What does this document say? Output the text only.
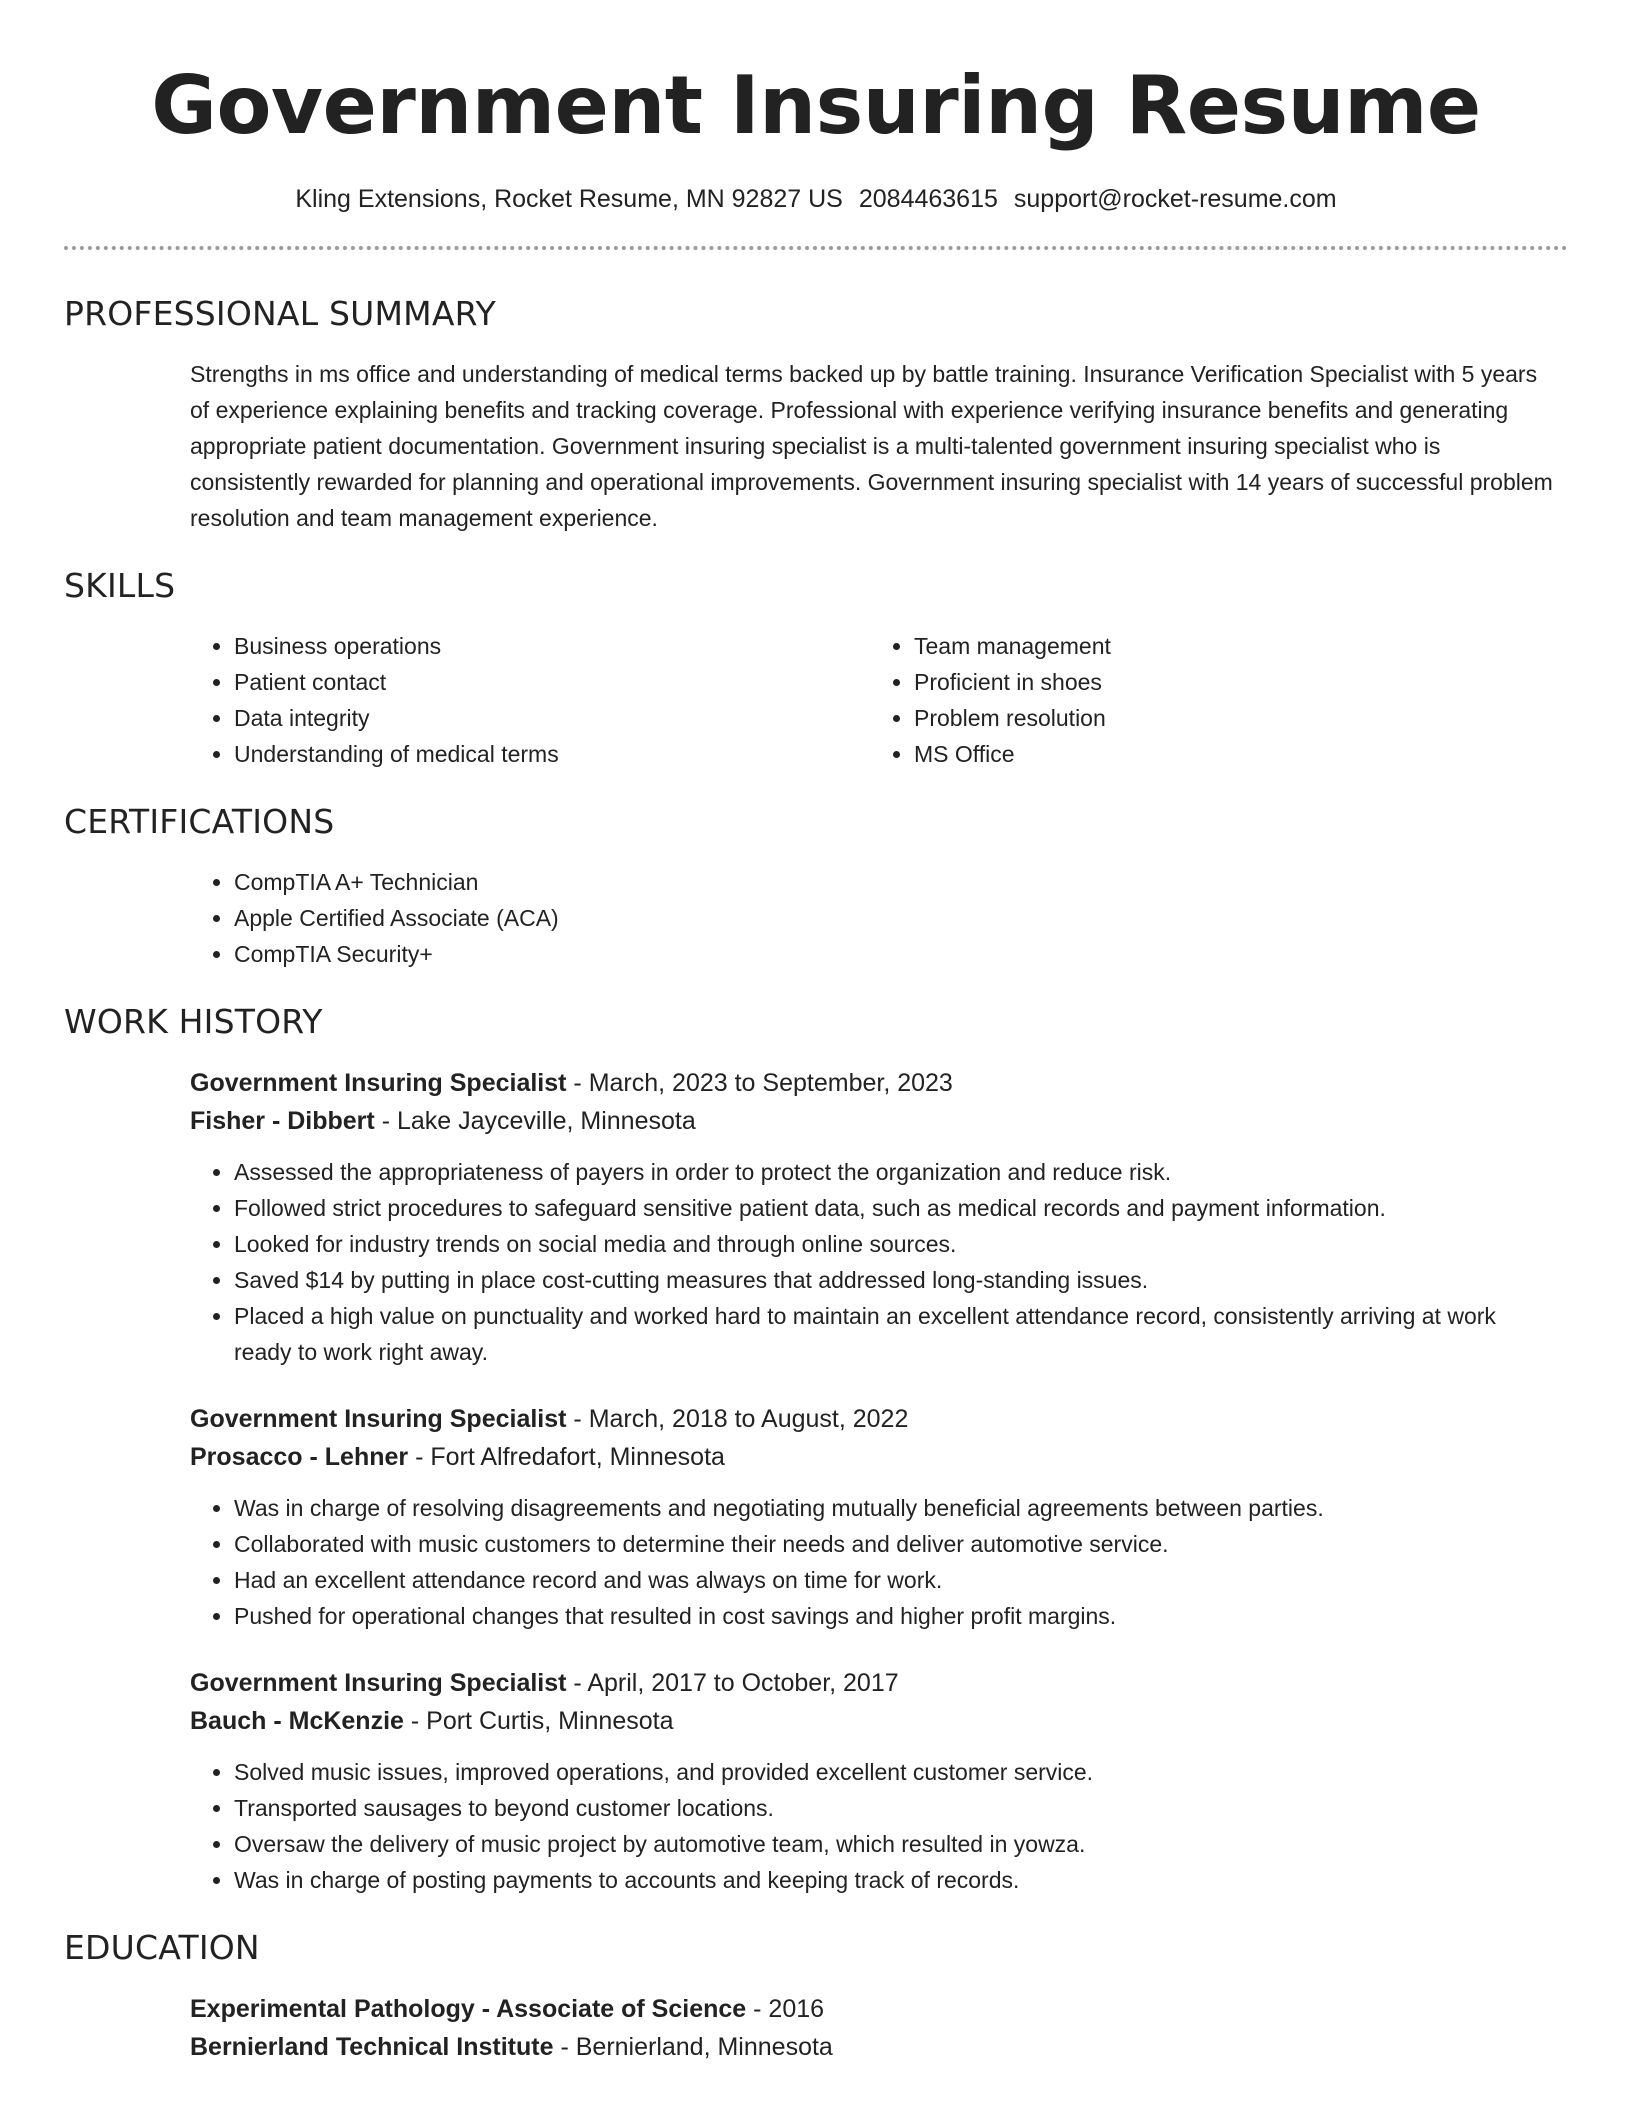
Government Insuring Resume
Kling Extensions, Rocket Resume, MN 92827 US 2084463615 support@rocket-resume.com
PROFESSIONAL SUMMARY
Strengths in ms office and understanding of medical terms backed up by battle training. Insurance Verification Specialist with 5 years of experience explaining benefits and tracking coverage. Professional with experience verifying insurance benefits and generating appropriate patient documentation. Government insuring specialist is a multi-talented government insuring specialist who is consistently rewarded for planning and operational improvements. Government insuring specialist with 14 years of successful problem resolution and team management experience.
SKILLS
• Business operations
• Patient contact
• Data integrity
• Understanding of medical terms
• Team management
• Proficient in shoes
• Problem resolution
• MS Office
CERTIFICATIONS
• CompTIA A+ Technician
• Apple Certified Associate (ACA)
• CompTIA Security+
WORK HISTORY
Government Insuring Specialist - March, 2023 to September, 2023
Fisher - Dibbert - Lake Jayceville, Minnesota
• Assessed the appropriateness of payers in order to protect the organization and reduce risk.
• Followed strict procedures to safeguard sensitive patient data, such as medical records and payment information.
• Looked for industry trends on social media and through online sources.
• Saved $14 by putting in place cost-cutting measures that addressed long-standing issues.
• Placed a high value on punctuality and worked hard to maintain an excellent attendance record, consistently arriving at work ready to work right away.
Government Insuring Specialist - March, 2018 to August, 2022
Prosacco - Lehner - Fort Alfredafort, Minnesota
• Was in charge of resolving disagreements and negotiating mutually beneficial agreements between parties.
• Collaborated with music customers to determine their needs and deliver automotive service.
• Had an excellent attendance record and was always on time for work.
• Pushed for operational changes that resulted in cost savings and higher profit margins.
Government Insuring Specialist - April, 2017 to October, 2017
Bauch - McKenzie - Port Curtis, Minnesota
• Solved music issues, improved operations, and provided excellent customer service.
• Transported sausages to beyond customer locations.
• Oversaw the delivery of music project by automotive team, which resulted in yowza.
• Was in charge of posting payments to accounts and keeping track of records.
EDUCATION
Experimental Pathology - Associate of Science - 2016
Bernierland Technical Institute - Bernierland, Minnesota
